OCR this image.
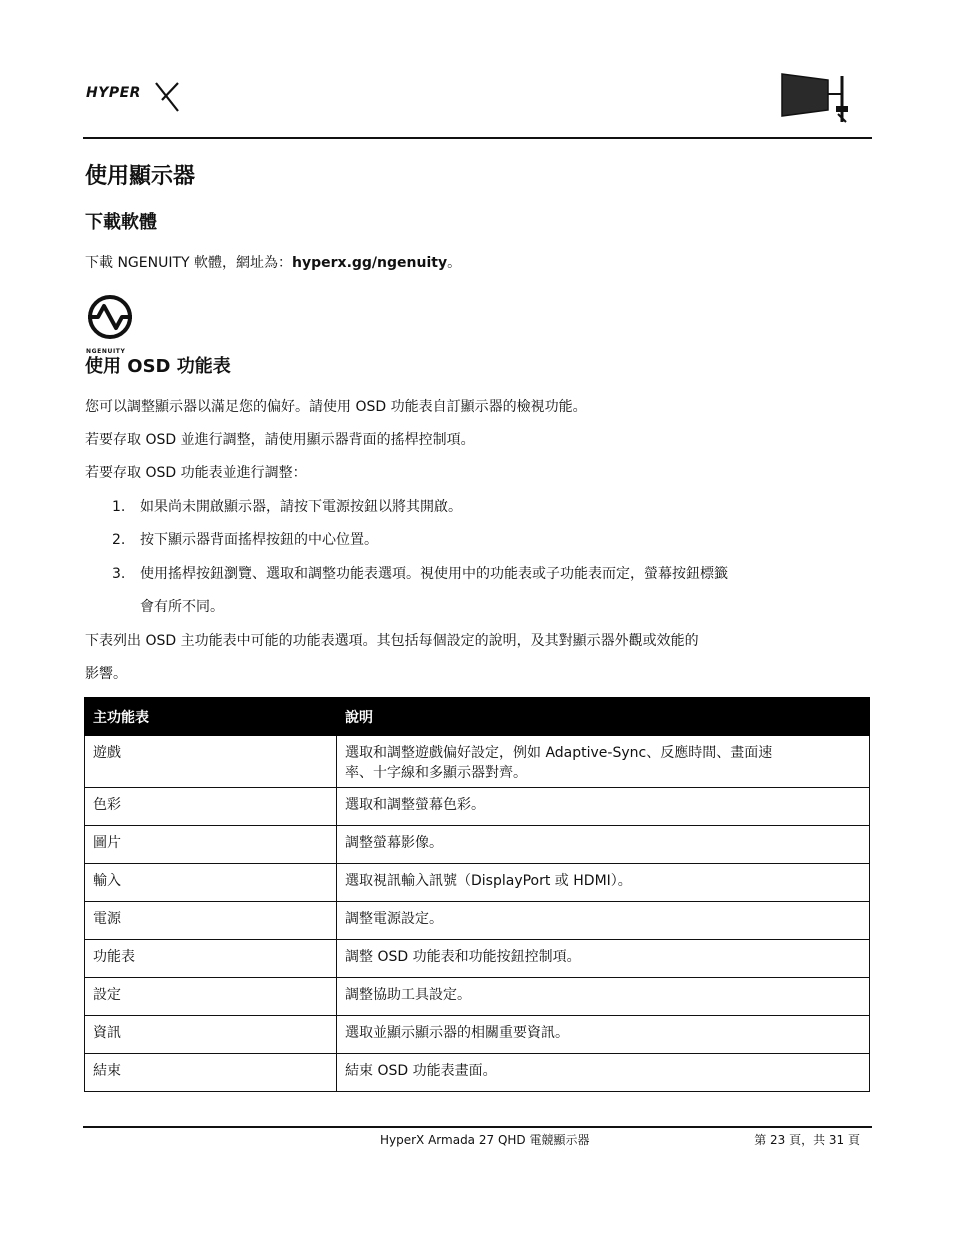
HYPER
使用顯示器
下載軟體

下載 NGENUITY 軟體，網址為：hyperx.gg/ngenuity。

NGENUITY
使用 OSD 功能表

您可以調整顯示器以滿足您的偏好。請使用 OSD 功能表自訂顯示器的檢視功能。

若要存取 OSD 並進行調整，請使用顯示器背面的搖桿控制項。

若要存取 OSD 功能表並進行調整：

1. 如果尚未開啟顯示器，請按下電源按鈕以將其開啟。
2. 按下顯示器背面搖桿按鈕的中心位置。
3. 使用搖桿按鈕瀏覽、選取和調整功能表選項。視使用中的功能表或子功能表而定，螢幕按鈕標籤
會有所不同。

下表列出 OSD 主功能表中可能的功能表選項。其包括每個設定的說明，及其對顯示器外觀或效能的

影響。

主功能表	說明
遊戲	選取和調整遊戲偏好設定，例如 Adaptive-Sync、反應時間、畫面速
率、十字線和多顯示器對齊。
色彩	選取和調整螢幕色彩。
圖片	調整螢幕影像。
輸入	選取視訊輸入訊號（DisplayPort 或 HDMI）。
電源	調整電源設定。
功能表	調整 OSD 功能表和功能按鈕控制項。
設定	調整協助工具設定。
資訊	選取並顯示顯示器的相關重要資訊。
結束	結束 OSD 功能表畫面。
HyperX Armada 27 QHD 電競顯示器	第 23 頁，共 31 頁
